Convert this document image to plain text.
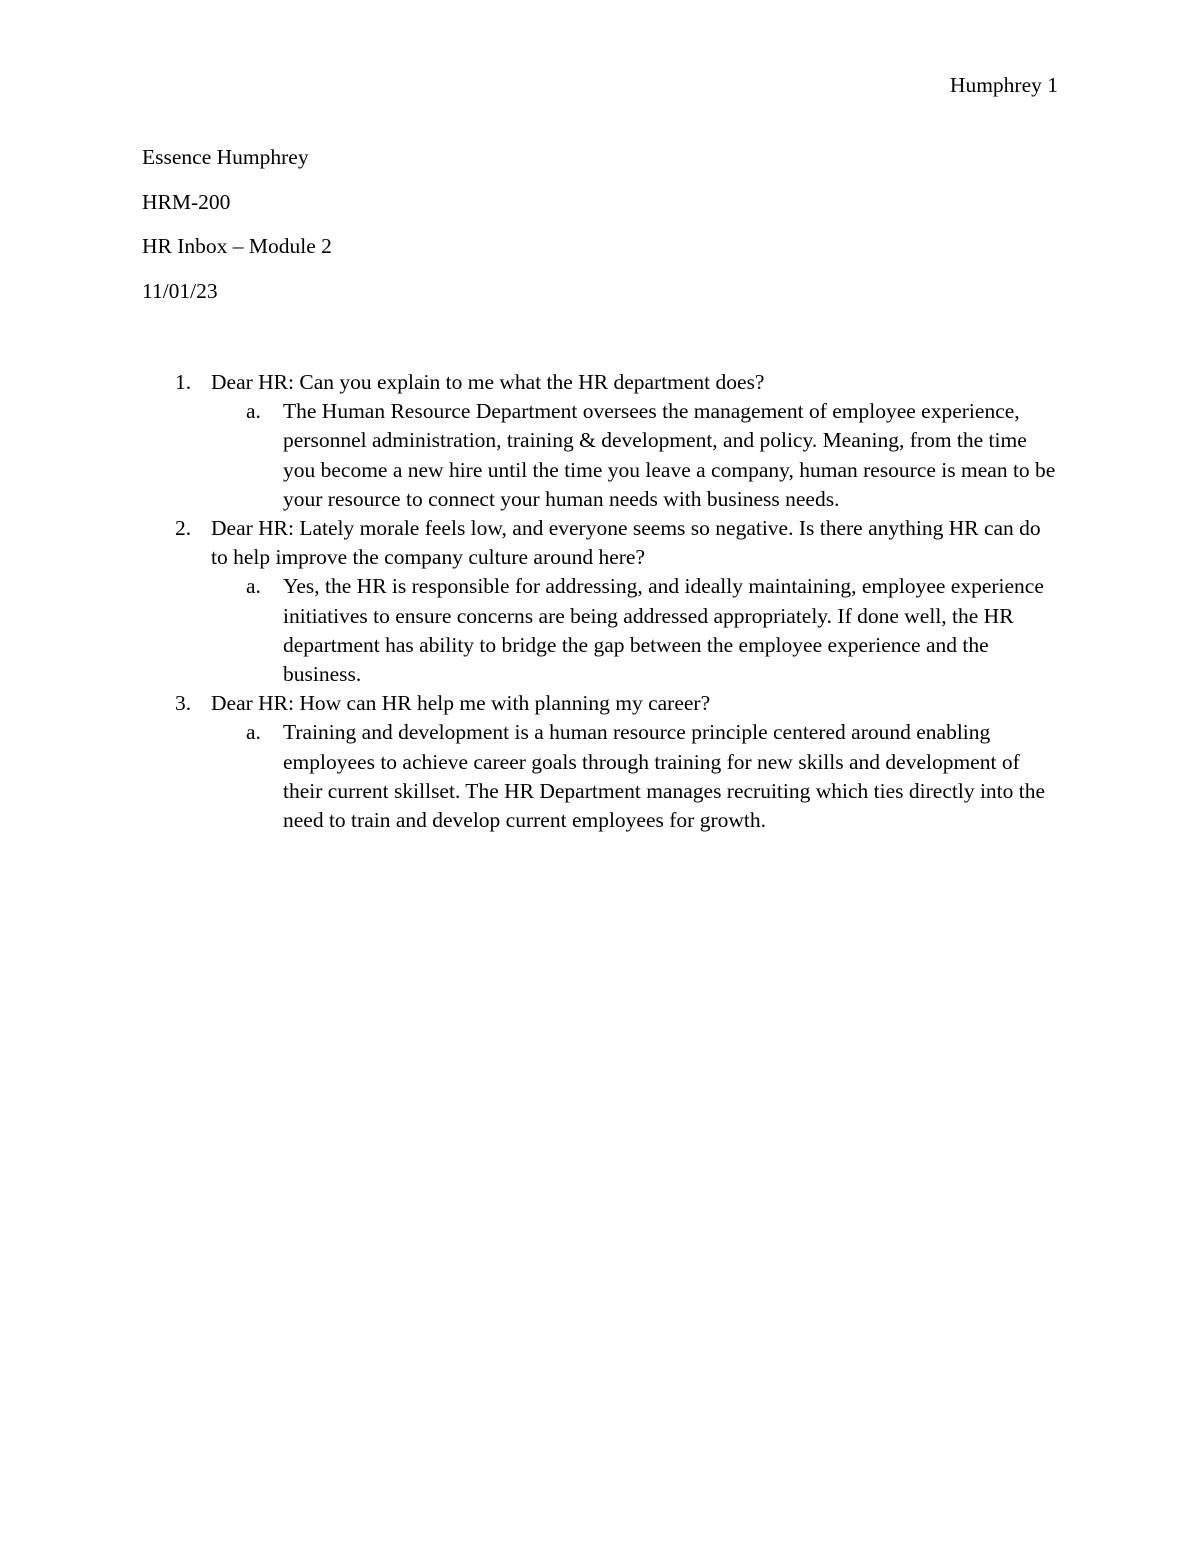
Humphrey 1
Essence Humphrey
HRM-200
HR Inbox – Module 2
11/01/23
1. Dear HR: Can you explain to me what the HR department does?
a. The Human Resource Department oversees the management of employee experience, personnel administration, training & development, and policy. Meaning, from the time you become a new hire until the time you leave a company, human resource is mean to be your resource to connect your human needs with business needs.
2. Dear HR: Lately morale feels low, and everyone seems so negative. Is there anything HR can do to help improve the company culture around here?
a. Yes, the HR is responsible for addressing, and ideally maintaining, employee experience initiatives to ensure concerns are being addressed appropriately. If done well, the HR department has ability to bridge the gap between the employee experience and the business.
3. Dear HR: How can HR help me with planning my career?
a. Training and development is a human resource principle centered around enabling employees to achieve career goals through training for new skills and development of their current skillset. The HR Department manages recruiting which ties directly into the need to train and develop current employees for growth.
